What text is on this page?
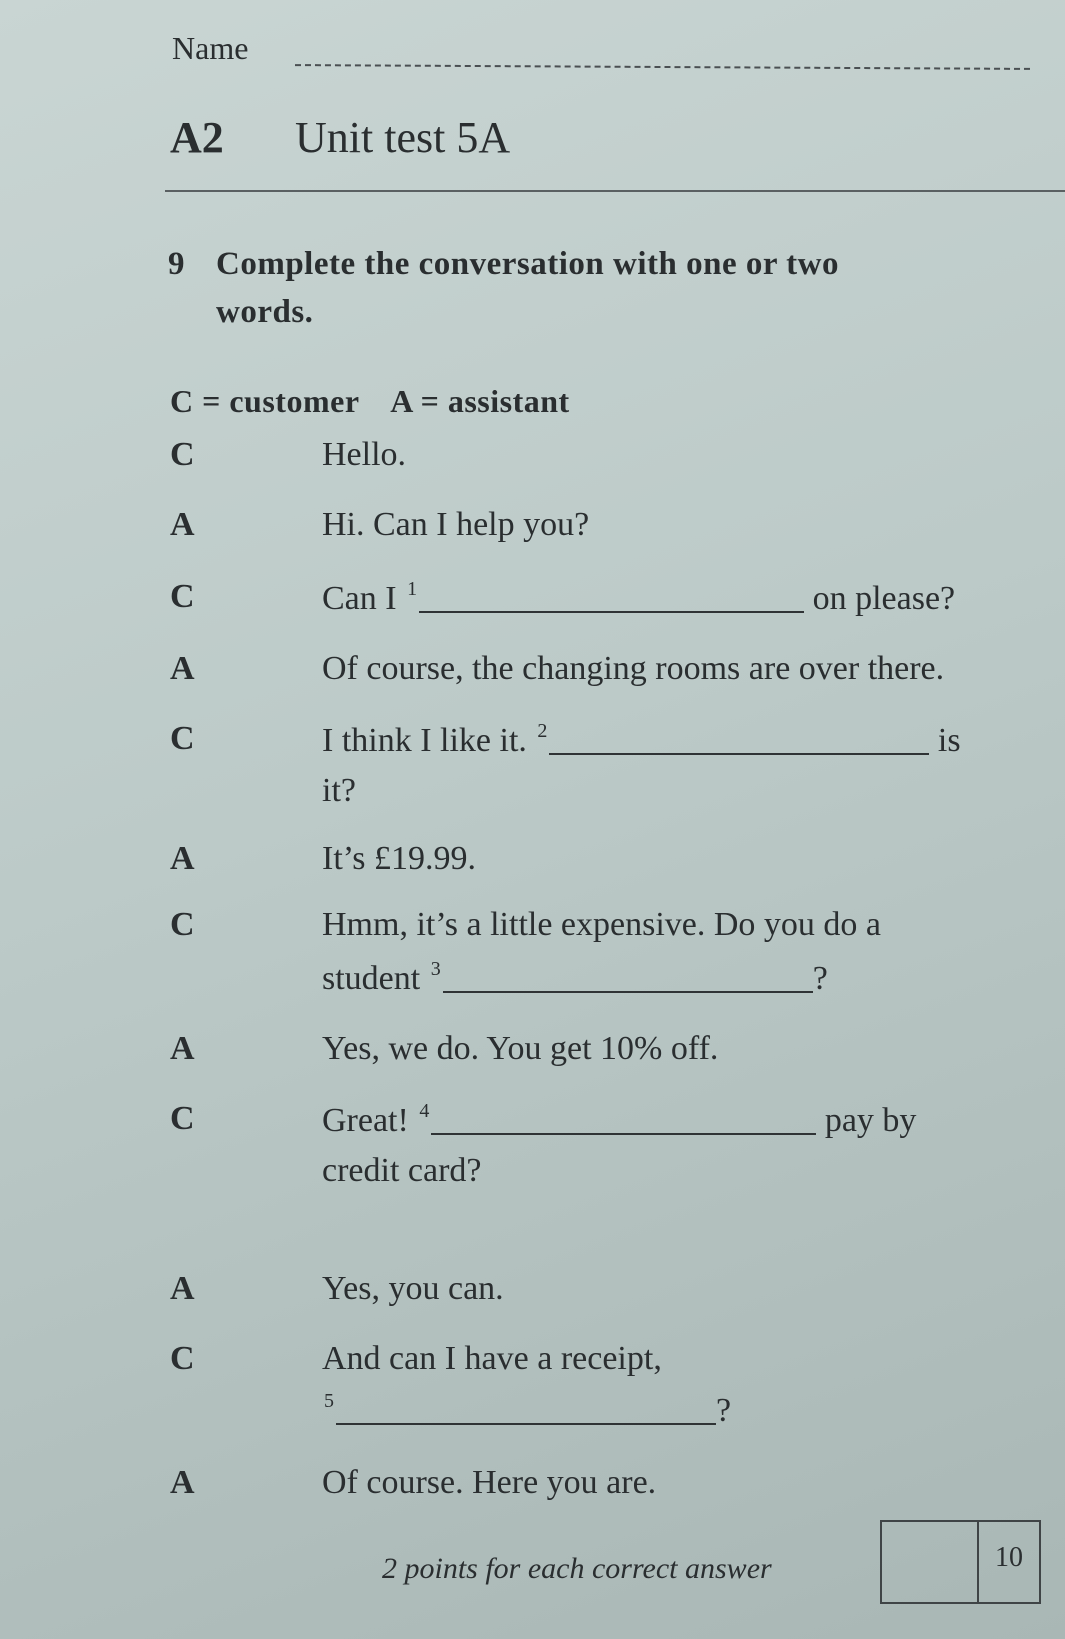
Name
A2 Unit test 5A
9 Complete the conversation with one or two
words.
C = customer A = assistant
C	Hello.
A	Hi. Can I help you?
C	Can I $^1$	on please?
A	Of course, the changing rooms are over there.
C	I think I like it. $^2$	is
it?
A	It’s £19.99.
C	Hmm, it’s a little expensive. Do you do a
student $^3$	?
A	Yes, we do. You get 10% off.
C	Great! $^4$	pay by
credit card?
A	Yes, you can.
C	And can I have a receipt,
$^5$	?
A	Of course. Here you are.
2 points for each correct answer	10
